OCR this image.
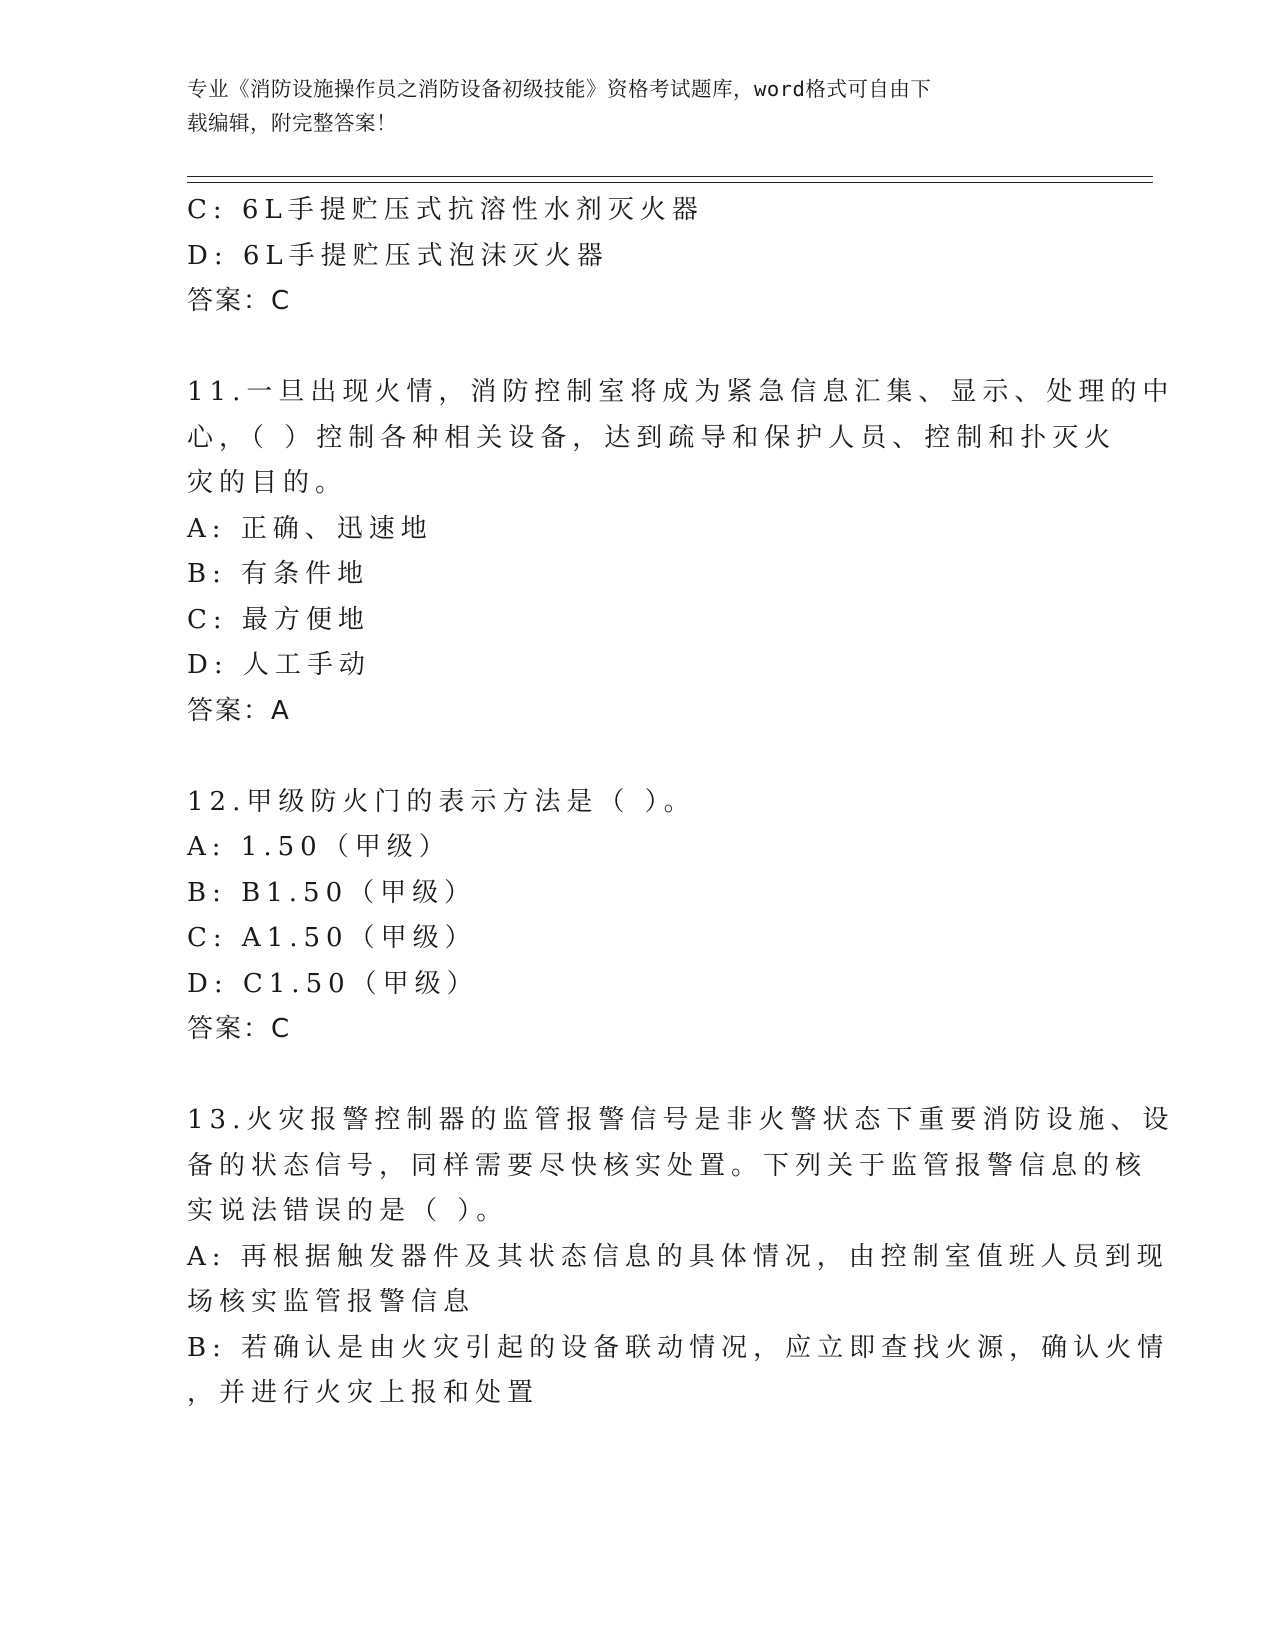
专业《消防设施操作员之消防设备初级技能》资格考试题库，word格式可自由下
载编辑，附完整答案！
C: 6L手提贮压式抗溶性水剂灭火器
D: 6L手提贮压式泡沫灭火器
答案：C
11.一旦出现火情，消防控制室将成为紧急信息汇集、显示、处理的中
心，（ ）控制各种相关设备，达到疏导和保护人员、控制和扑灭火
灾的目的。
A: 正确、迅速地
B: 有条件地
C: 最方便地
D: 人工手动
答案：A
12.甲级防火门的表示方法是（ ）。
A: 1.50（甲级）
B: B1.50（甲级）
C: A1.50（甲级）
D: C1.50（甲级）
答案：C
13.火灾报警控制器的监管报警信号是非火警状态下重要消防设施、设
备的状态信号，同样需要尽快核实处置。下列关于监管报警信息的核
实说法错误的是（ ）。
A: 再根据触发器件及其状态信息的具体情况，由控制室值班人员到现
场核实监管报警信息
B: 若确认是由火灾引起的设备联动情况，应立即查找火源，确认火情
，并进行火灾上报和处置
